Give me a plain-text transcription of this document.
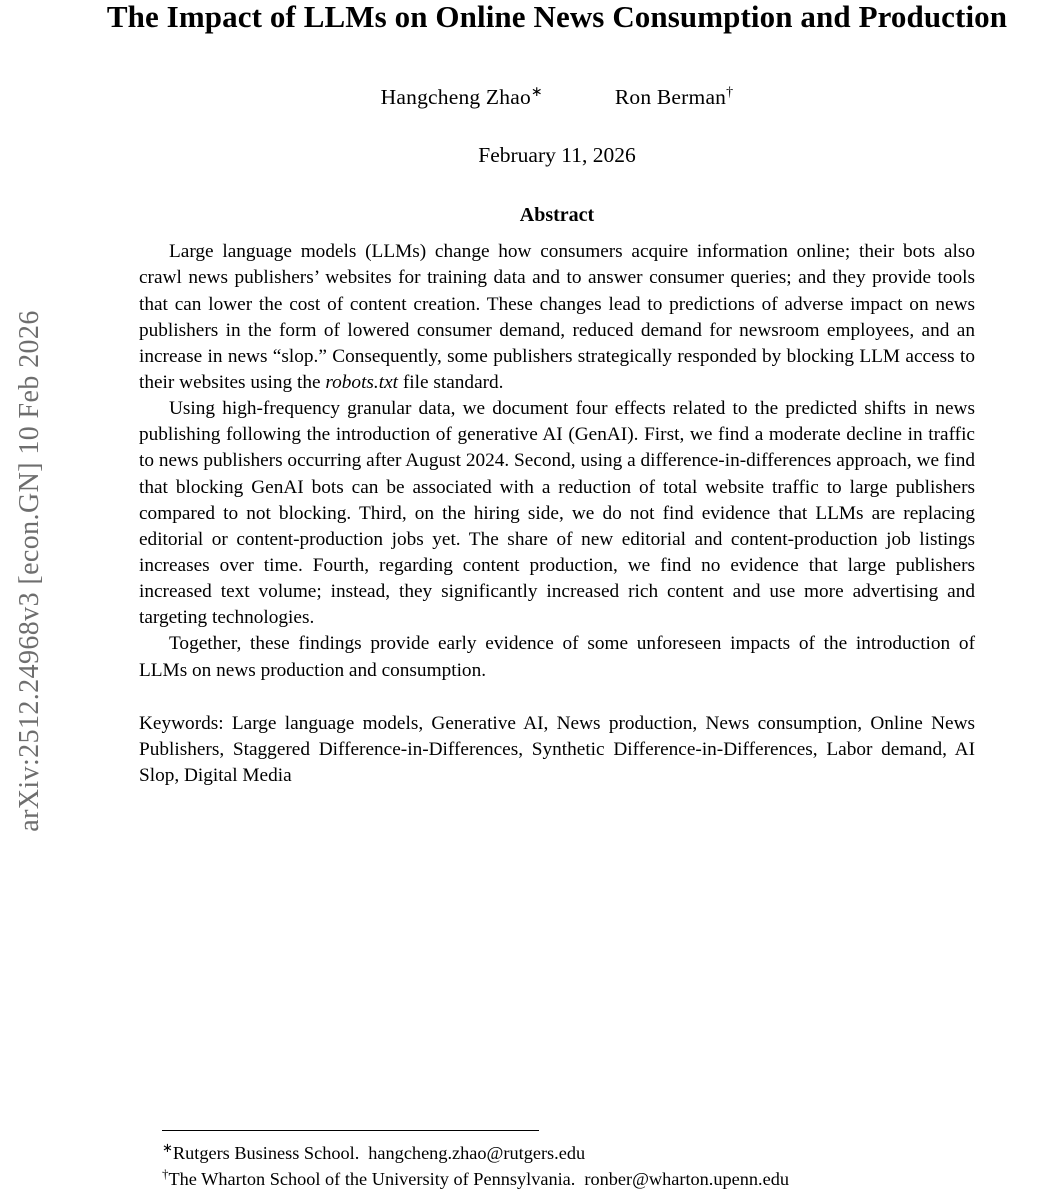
arXiv:2512.24968v3 [econ.GN] 10 Feb 2026
The Impact of LLMs on Online News Consumption and Production
Hangcheng Zhao∗	Ron Berman†
February 11, 2026
Abstract

Large language models (LLMs) change how consumers acquire information online; their bots also crawl news publishers’ websites for training data and to answer consumer queries; and they provide tools that can lower the cost of content creation. These changes lead to predictions of adverse impact on news publishers in the form of lowered consumer demand, reduced demand for newsroom employees, and an increase in news “slop.” Consequently, some publishers strategically responded by blocking LLM access to their websites using the robots.txt file standard.

Using high-frequency granular data, we document four effects related to the predicted shifts in news publishing following the introduction of generative AI (GenAI). First, we find a moderate decline in traffic to news publishers occurring after August 2024. Second, using a difference-in-differences approach, we find that blocking GenAI bots can be associated with a reduction of total website traffic to large publishers compared to not blocking. Third, on the hiring side, we do not find evidence that LLMs are replacing editorial or content-production jobs yet. The share of new editorial and content-production job listings increases over time. Fourth, regarding content production, we find no evidence that large publishers increased text volume; instead, they significantly increased rich content and use more advertising and targeting technologies.

Together, these findings provide early evidence of some unforeseen impacts of the introduction of LLMs on news production and consumption.

Keywords: Large language models, Generative AI, News production, News consumption, Online News Publishers, Staggered Difference-in-Differences, Synthetic Difference-in-Differences, Labor demand, AI Slop, Digital Media
∗Rutgers Business School. hangcheng.zhao@rutgers.edu
†The Wharton School of the University of Pennsylvania. ronber@wharton.upenn.edu
